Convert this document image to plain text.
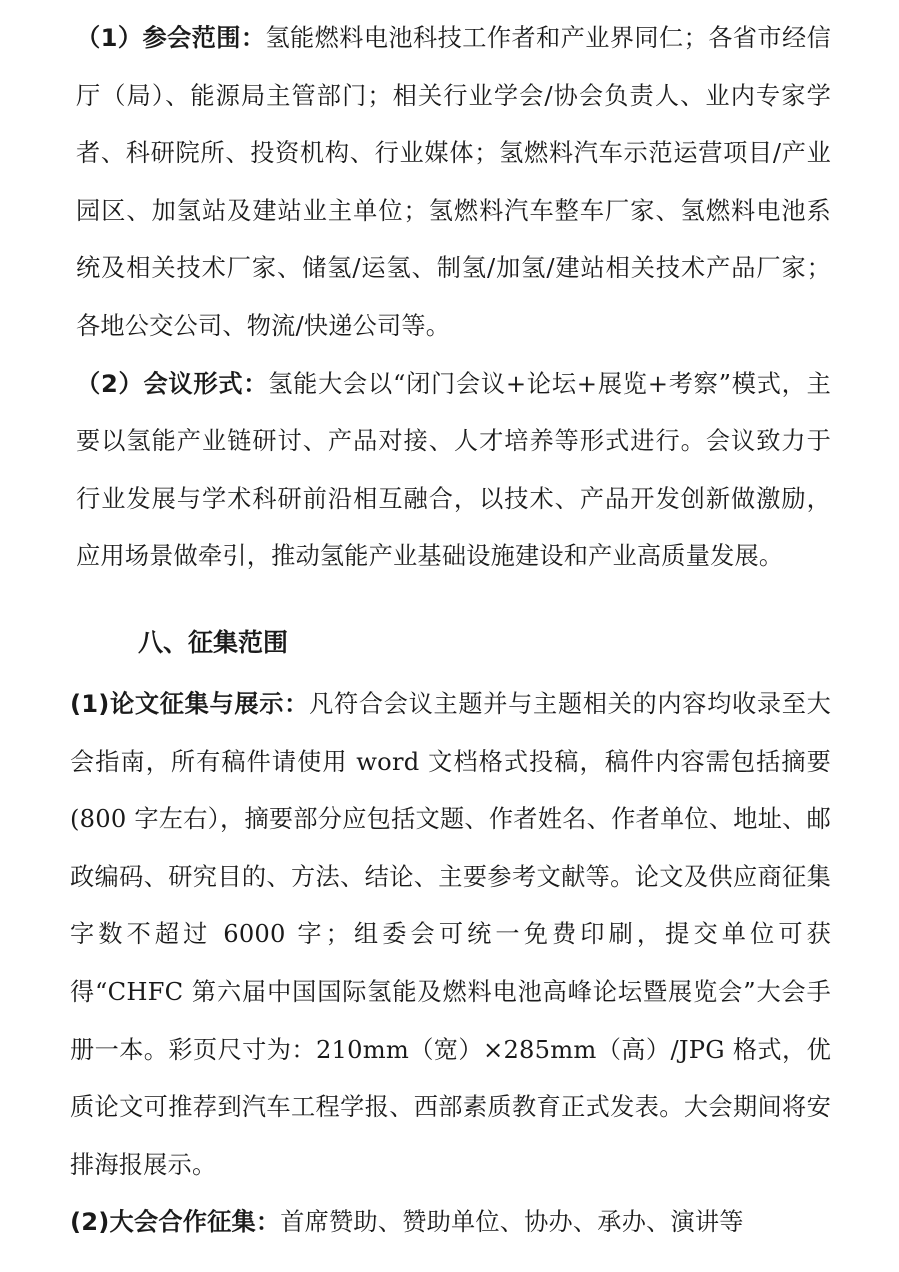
（1）参会范围：氢能燃料电池科技工作者和产业界同仁；各省市经信厅（局）、能源局主管部门；相关行业学会/协会负责人、业内专家学者、科研院所、投资机构、行业媒体；氢燃料汽车示范运营项目/产业园区、加氢站及建站业主单位；氢燃料汽车整车厂家、氢燃料电池系统及相关技术厂家、储氢/运氢、制氢/加氢/建站相关技术产品厂家；各地公交公司、物流/快递公司等。

（2）会议形式：氢能大会以“闭门会议+论坛+展览+考察”模式，主要以氢能产业链研讨、产品对接、人才培养等形式进行。会议致力于行业发展与学术科研前沿相互融合，以技术、产品开发创新做激励，应用场景做牵引，推动氢能产业基础设施建设和产业高质量发展。

八、征集范围

(1)论文征集与展示：凡符合会议主题并与主题相关的内容均收录至大会指南，所有稿件请使用 word 文档格式投稿，稿件内容需包括摘要(800 字左右），摘要部分应包括文题、作者姓名、作者单位、地址、邮政编码、研究目的、方法、结论、主要参考文献等。论文及供应商征集字数不超过 6000 字；组委会可统一免费印刷，提交单位可获得“CHFC 第六届中国国际氢能及燃料电池高峰论坛暨展览会”大会手册一本。彩页尺寸为：210mm（宽）×285mm（高）/JPG 格式，优质论文可推荐到汽车工程学报、西部素质教育正式发表。大会期间将安排海报展示。

(2)大会合作征集：首席赞助、赞助单位、协办、承办、演讲等
